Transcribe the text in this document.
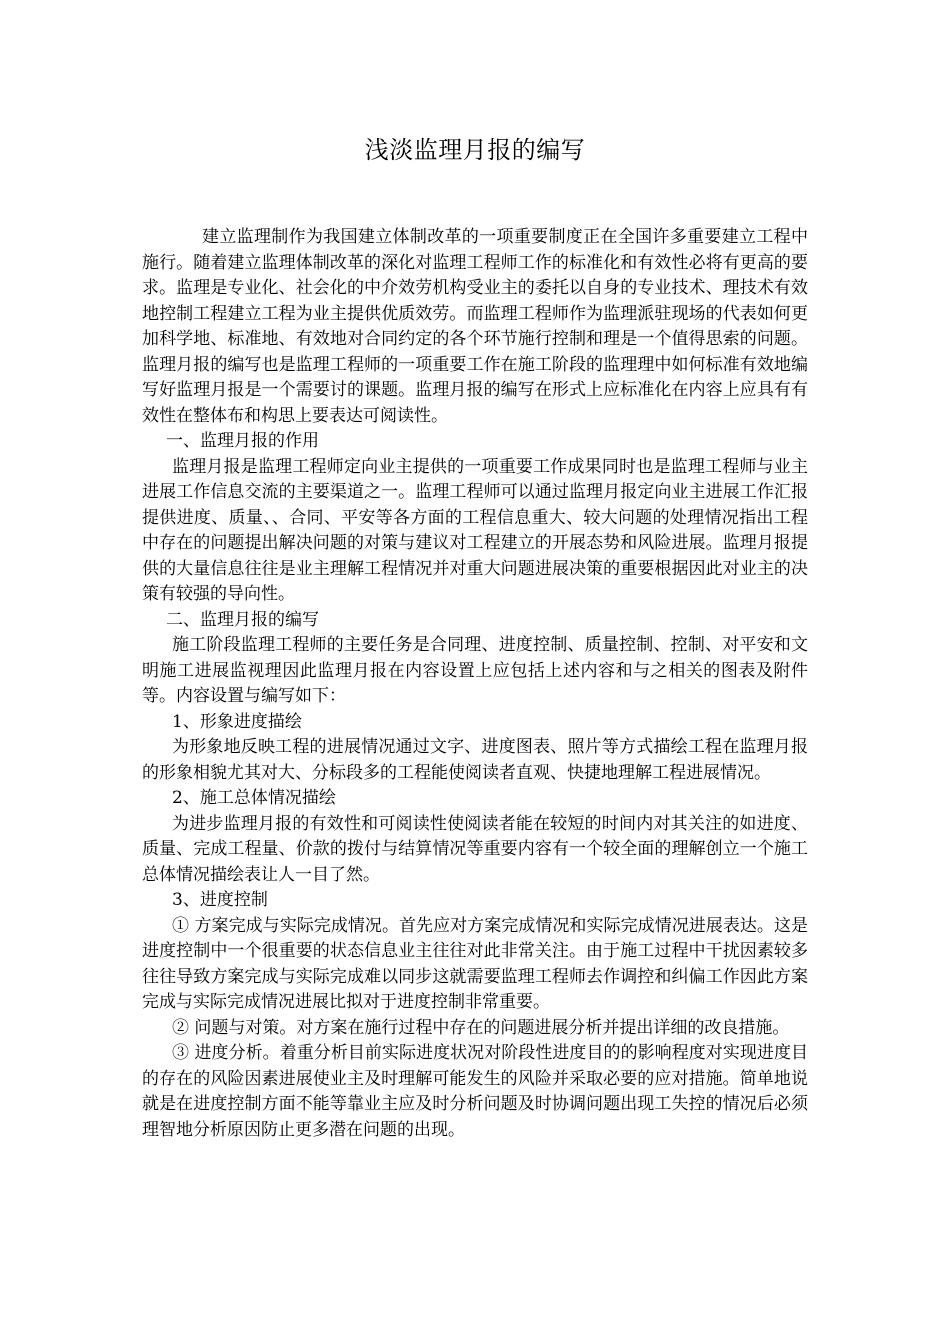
浅淡监理月报的编写

建立监理制作为我国建立体制改革的一项重要制度正在全国许多重要建立工程中施行。随着建立监理体制改革的深化对监理工程师工作的标准化和有效性必将有更高的要求。监理是专业化、社会化的中介效劳机构受业主的委托以自身的专业技术、理技术有效地控制工程建立工程为业主提供优质效劳。而监理工程师作为监理派驻现场的代表如何更加科学地、标准地、有效地对合同约定的各个环节施行控制和理是一个值得思索的问题。监理月报的编写也是监理工程师的一项重要工作在施工阶段的监理理中如何标准有效地编写好监理月报是一个需要讨的课题。监理月报的编写在形式上应标准化在内容上应具有有效性在整体布和构思上要表达可阅读性。

一、监理月报的作用

监理月报是监理工程师定向业主提供的一项重要工作成果同时也是监理工程师与业主进展工作信息交流的主要渠道之一。监理工程师可以通过监理月报定向业主进展工作汇报提供进度、质量、、合同、平安等各方面的工程信息重大、较大问题的处理情况指出工程中存在的问题提出解决问题的对策与建议对工程建立的开展态势和风险进展。监理月报提供的大量信息往往是业主理解工程情况并对重大问题进展决策的重要根据因此对业主的决策有较强的导向性。

二、监理月报的编写

施工阶段监理工程师的主要任务是合同理、进度控制、质量控制、控制、对平安和文明施工进展监视理因此监理月报在内容设置上应包括上述内容和与之相关的图表及附件等。内容设置与编写如下：

1、形象进度描绘

为形象地反映工程的进展情况通过文字、进度图表、照片等方式描绘工程在监理月报的形象相貌尤其对大、分标段多的工程能使阅读者直观、快捷地理解工程进展情况。

2、施工总体情况描绘

为进步监理月报的有效性和可阅读性使阅读者能在较短的时间内对其关注的如进度、质量、完成工程量、价款的拨付与结算情况等重要内容有一个较全面的理解创立一个施工总体情况描绘表让人一目了然。

3、进度控制

① 方案完成与实际完成情况。首先应对方案完成情况和实际完成情况进展表达。这是进度控制中一个很重要的状态信息业主往往对此非常关注。由于施工过程中干扰因素较多往往导致方案完成与实际完成难以同步这就需要监理工程师去作调控和纠偏工作因此方案完成与实际完成情况进展比拟对于进度控制非常重要。

② 问题与对策。对方案在施行过程中存在的问题进展分析并提出详细的改良措施。

③ 进度分析。着重分析目前实际进度状况对阶段性进度目的的影响程度对实现进度目的存在的风险因素进展使业主及时理解可能发生的风险并采取必要的应对措施。简单地说就是在进度控制方面不能等靠业主应及时分析问题及时协调问题出现工失控的情况后必须理智地分析原因防止更多潜在问题的出现。
